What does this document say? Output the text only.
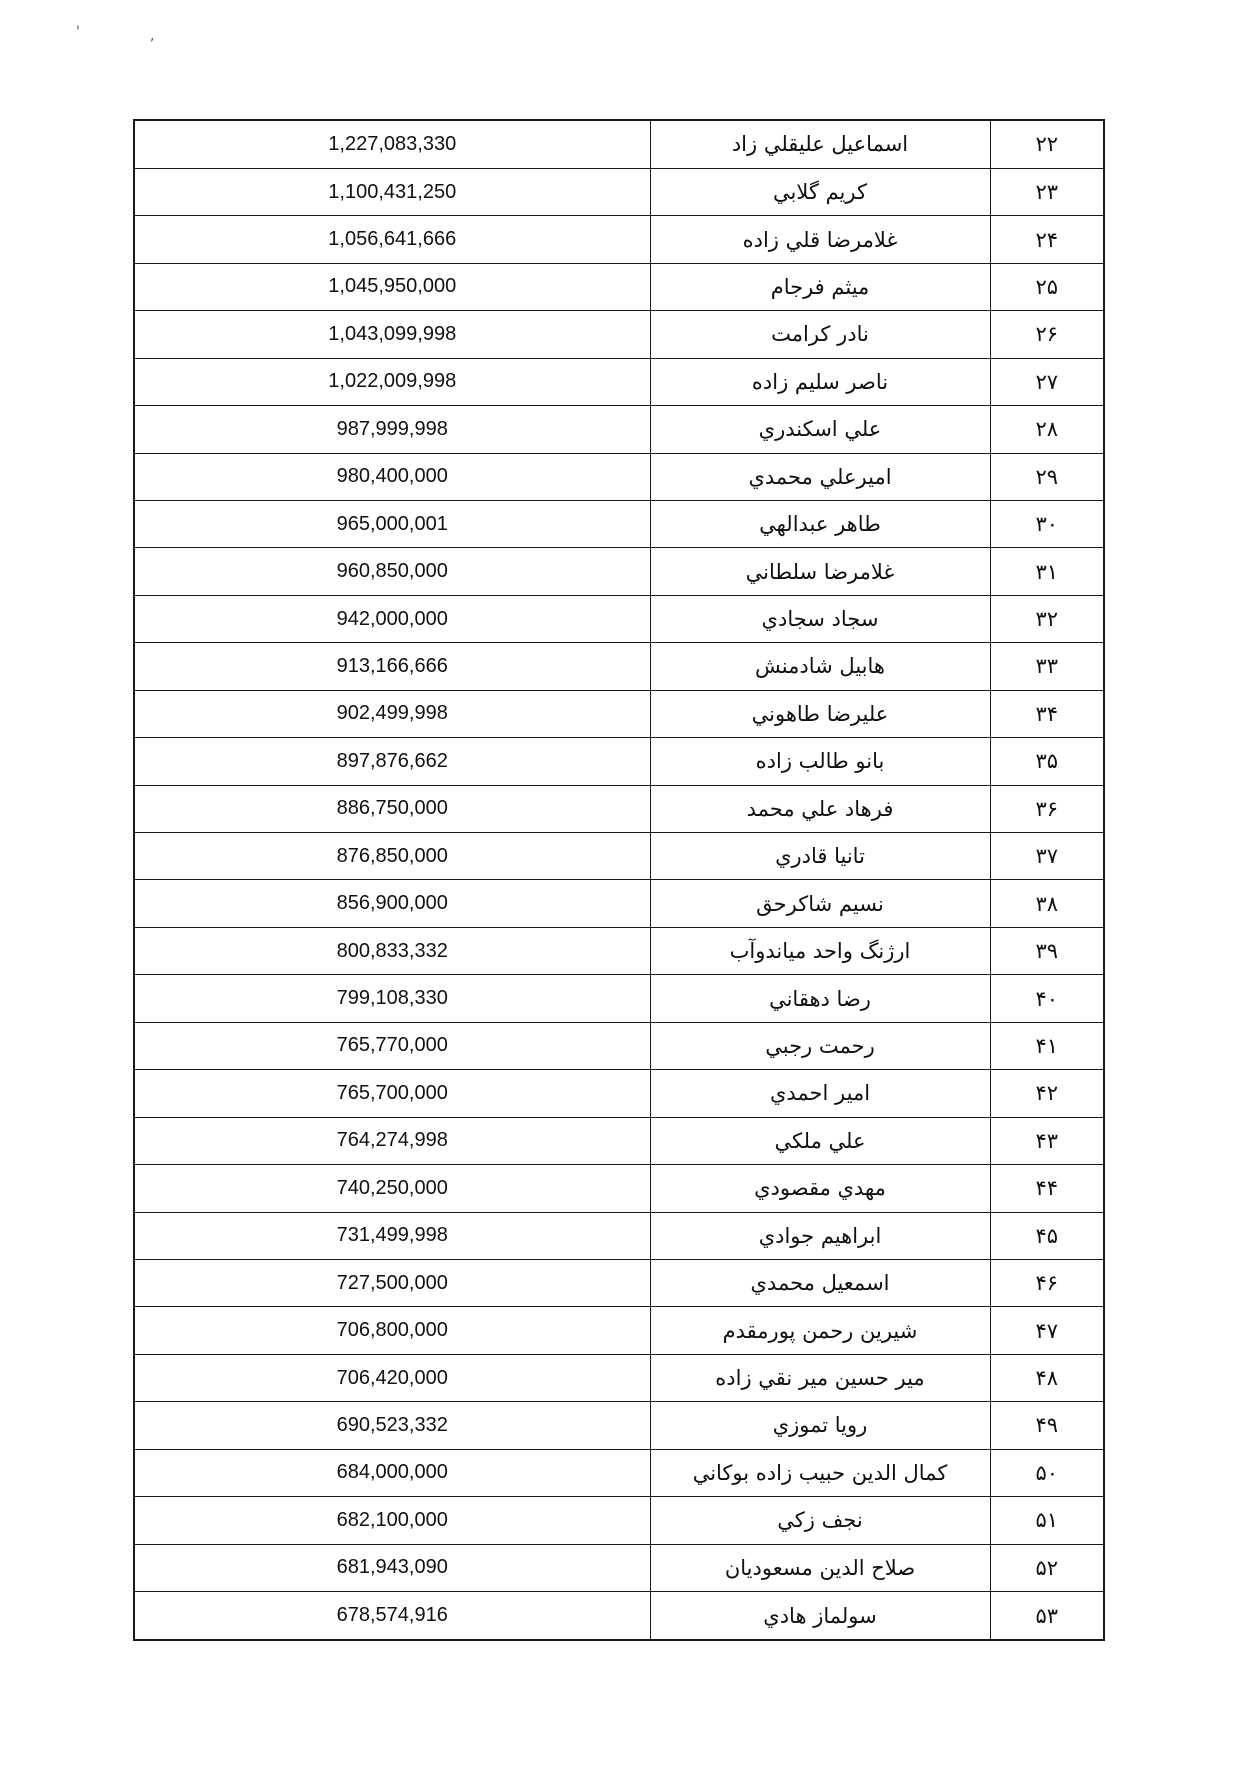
'	,
۲۲	اسماعیل علیقلي زاد	1,227,083,330
۲۳	كريم گلابي	1,100,431,250
۲۴	غلامرضا قلي زاده	1,056,641,666
۲۵	ميثم فرجام	1,045,950,000
۲۶	نادر كرامت	1,043,099,998
۲۷	ناصر سليم زاده	1,022,009,998
۲۸	علي اسكندري	987,999,998
۲۹	اميرعلي محمدي	980,400,000
۳۰	طاهر عبدالهي	965,000,001
۳۱	غلامرضا سلطاني	960,850,000
۳۲	سجاد سجادي	942,000,000
۳۳	هابيل شادمنش	913,166,666
۳۴	عليرضا طاهوني	902,499,998
۳۵	بانو طالب زاده	897,876,662
۳۶	فرهاد علي محمد	886,750,000
۳۷	تانيا قادري	876,850,000
۳۸	نسيم شاكرحق	856,900,000
۳۹	ارژنگ واحد مياندوآب	800,833,332
۴۰	رضا دهقاني	799,108,330
۴۱	رحمت رجبي	765,770,000
۴۲	امير احمدي	765,700,000
۴۳	علي ملكي	764,274,998
۴۴	مهدي مقصودي	740,250,000
۴۵	ابراهيم جوادي	731,499,998
۴۶	اسمعيل محمدي	727,500,000
۴۷	شيرين رحمن پورمقدم	706,800,000
۴۸	مير حسين مير نقي زاده	706,420,000
۴۹	رويا تموزي	690,523,332
۵۰	كمال الدين حبيب زاده بوكاني	684,000,000
۵۱	نجف زكي	682,100,000
۵۲	صلاح الدين مسعوديان	681,943,090
۵۳	سولماز هادي	678,574,916
